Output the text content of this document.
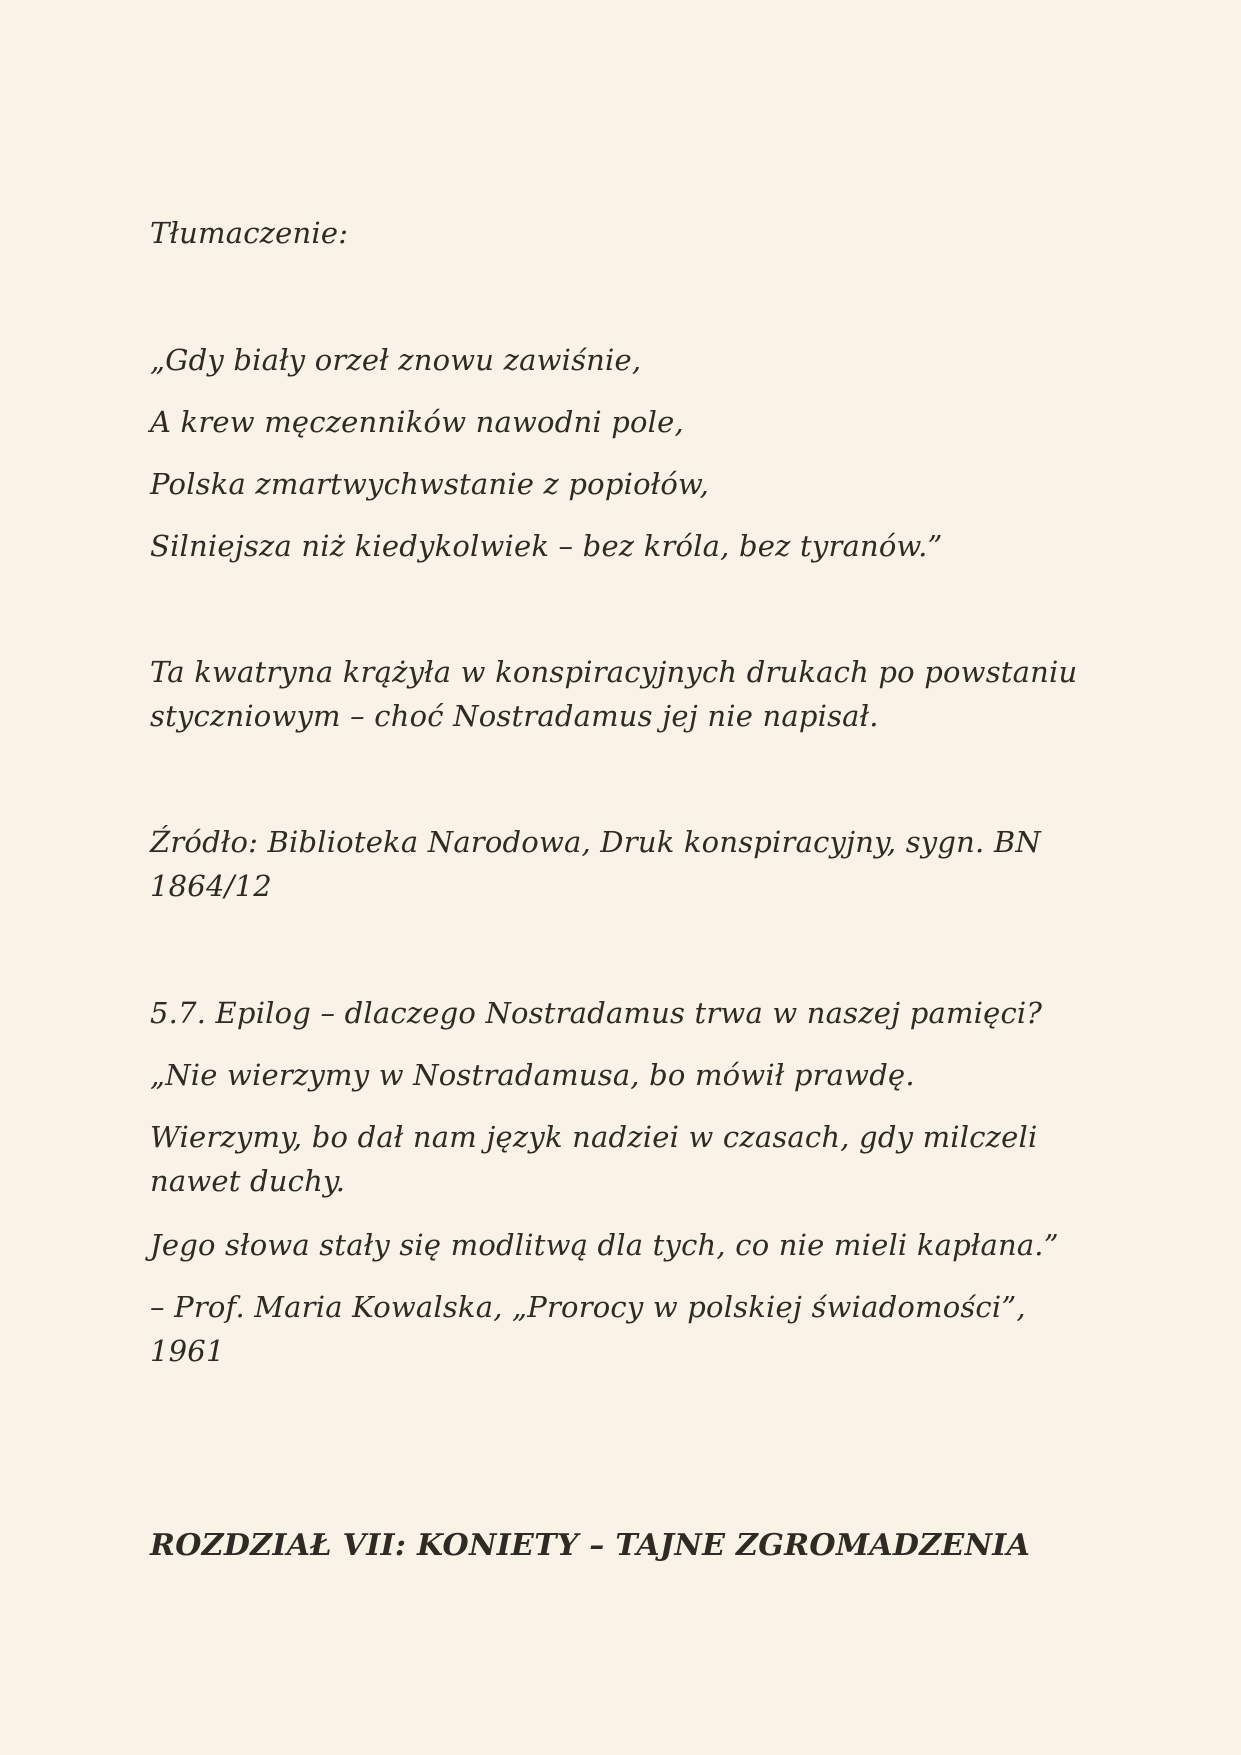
Tłumaczenie:
„Gdy biały orzeł znowu zawiśnie,
A krew męczenników nawodni pole,
Polska zmartwychwstanie z popiołów,
Silniejsza niż kiedykolwiek – bez króla, bez tyranów.”
Ta kwatryna krążyła w konspiracyjnych drukach po powstaniu styczniowym – choć Nostradamus jej nie napisał.
Źródło: Biblioteka Narodowa, Druk konspiracyjny, sygn. BN 1864/12
5.7. Epilog – dlaczego Nostradamus trwa w naszej pamięci?
„Nie wierzymy w Nostradamusa, bo mówił prawdę.
Wierzymy, bo dał nam język nadziei w czasach, gdy milczeli nawet duchy.
Jego słowa stały się modlitwą dla tych, co nie mieli kapłana.”
– Prof. Maria Kowalska, „Prorocy w polskiej świadomości”, 1961
ROZDZIAŁ VII: KONIETY – TAJNE ZGROMADZENIA
